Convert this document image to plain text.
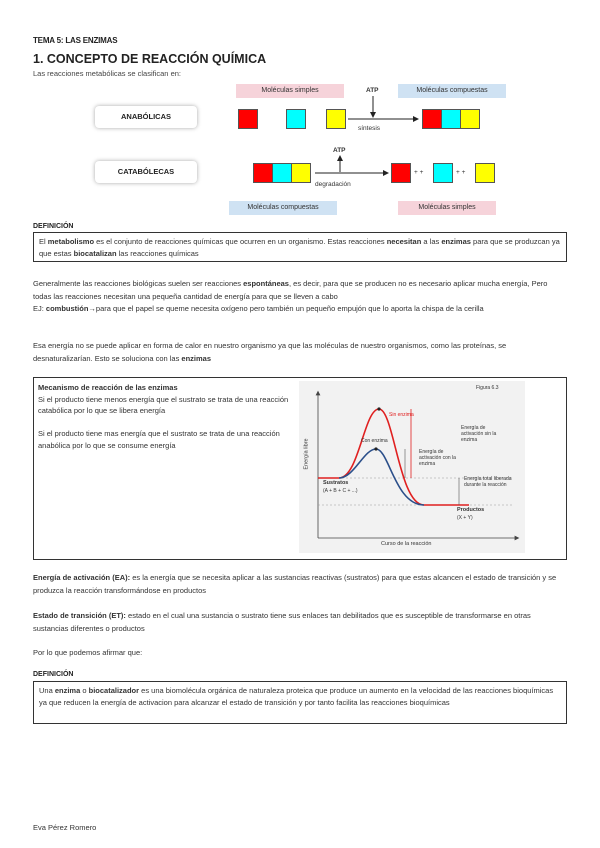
TEMA 5: LAS ENZIMAS
1. CONCEPTO DE REACCIÓN QUÍMICA
Las reacciones metabólicas se clasifican en:
Moléculas simples	Moléculas compuestas
ANABÓLICAS
ATP
síntesis
CATABÓLECAS	+ +	+ +
ATP
degradación
Moléculas compuestas	Moléculas simples
DEFINICIÓN
El metabolismo es el conjunto de reacciones químicas que ocurren en un organismo. Estas reacciones necesitan a las enzimas para que se produzcan ya que estas biocatalizan las reacciones químicas
Generalmente las reacciones biológicas suelen ser reacciones espontáneas, es decir, para que se producen no es necesario aplicar mucha energía, Pero todas las reacciones necesitan una pequeña cantidad de energía para que se lleven a cabo
EJ: combustión→para que el papel se queme necesita oxígeno pero también un pequeño empujón que lo aporta la chispa de la cerilla
Esa energía no se puede aplicar en forma de calor en nuestro organismo ya que las moléculas de nuestro organismos, como las proteínas, se desnaturalizarían. Esto se soluciona con las enzimas
Mecanismo de reacción de las enzimas
Si el producto tiene menos energía que el sustrato se trata de una reacción catabólica por lo que se libera energía

Si el producto tiene mas energía que el sustrato se trata de una reacción anabólica por lo que se consume energía
Figura 6.3
Energía libre
Curso de la reacción
Sin enzima
Con enzima
Sustratos
(A + B + C + ...)
Productos
(X + Y)
Energía de activación sin la enzima
Energía de activación con la enzima
Energía total liberada durante la reacción
Energía de activación (EA): es la energía que se necesita aplicar a las sustancias reactivas (sustratos) para que estas alcancen el estado de transición y se produzca la reacción transformándose en productos
Estado de transición (ET): estado en el cual una sustancia o sustrato tiene sus enlaces tan debilitados que es susceptible de transformarse en otras sustancias diferentes o productos
Por lo que podemos afirmar que:
DEFINICIÓN
Una enzima o biocatalizador es una biomolécula orgánica de naturaleza proteica que produce un aumento en la velocidad de las reacciones bioquímicas ya que reducen la energía de activacion para alcanzar el estado de transición y por tanto facilita las reacciones bioquímicas
Eva Pérez Romero
